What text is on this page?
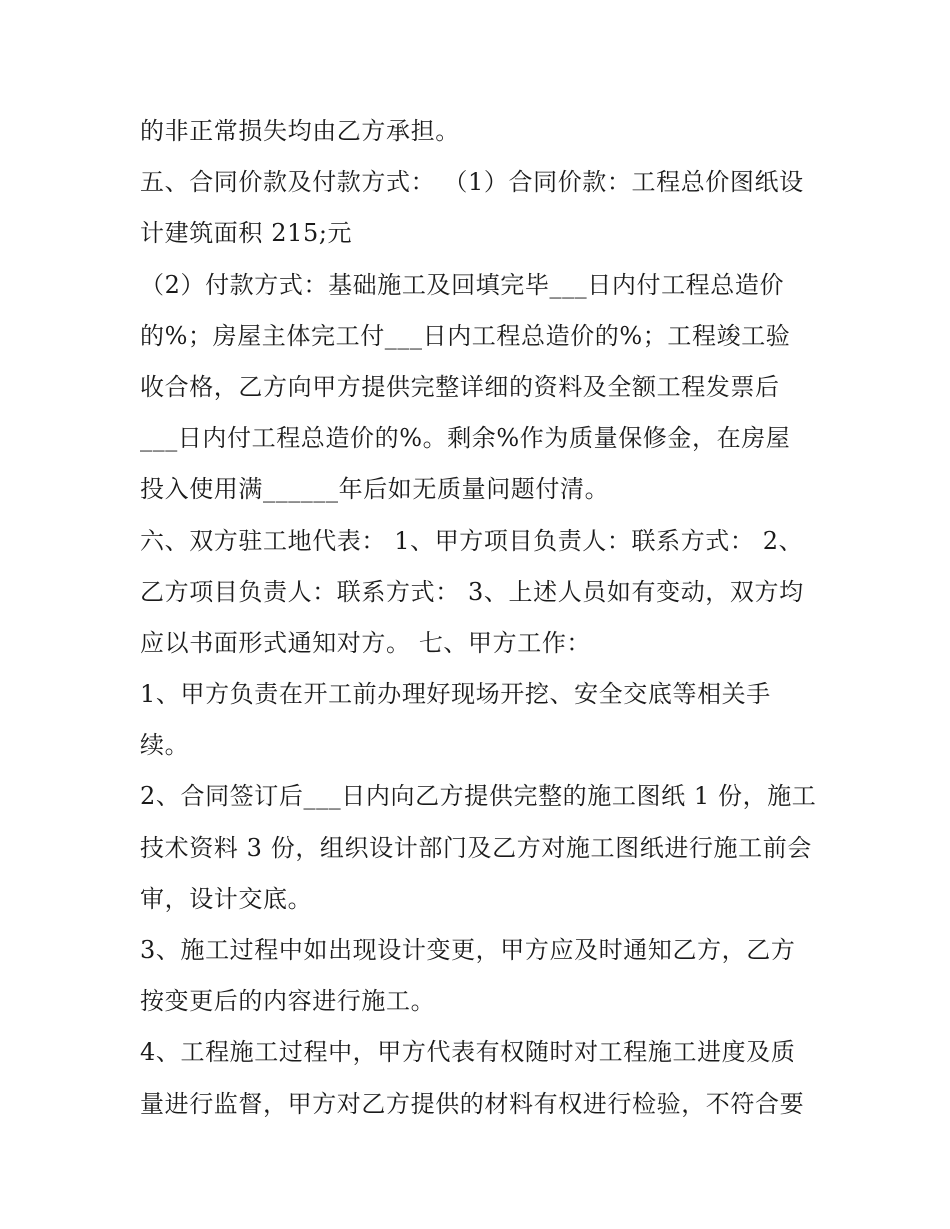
的非正常损失均由乙方承担。
五、合同价款及付款方式： （1）合同价款：工程总价图纸设
计建筑面积 215;元
（2）付款方式：基础施工及回填完毕___日内付工程总造价
的%；房屋主体完工付___日内工程总造价的%；工程竣工验
收合格，乙方向甲方提供完整详细的资料及全额工程发票后
___日内付工程总造价的%。剩余%作为质量保修金，在房屋
投入使用满______年后如无质量问题付清。
六、双方驻工地代表： 1、甲方项目负责人：联系方式： 2、
乙方项目负责人：联系方式： 3、上述人员如有变动，双方均
应以书面形式通知对方。 七、甲方工作：
1、甲方负责在开工前办理好现场开挖、安全交底等相关手
续。
2、合同签订后___日内向乙方提供完整的施工图纸 1 份，施工
技术资料 3 份，组织设计部门及乙方对施工图纸进行施工前会
审，设计交底。
3、施工过程中如出现设计变更，甲方应及时通知乙方，乙方
按变更后的内容进行施工。
4、工程施工过程中，甲方代表有权随时对工程施工进度及质
量进行监督，甲方对乙方提供的材料有权进行检验，不符合要
